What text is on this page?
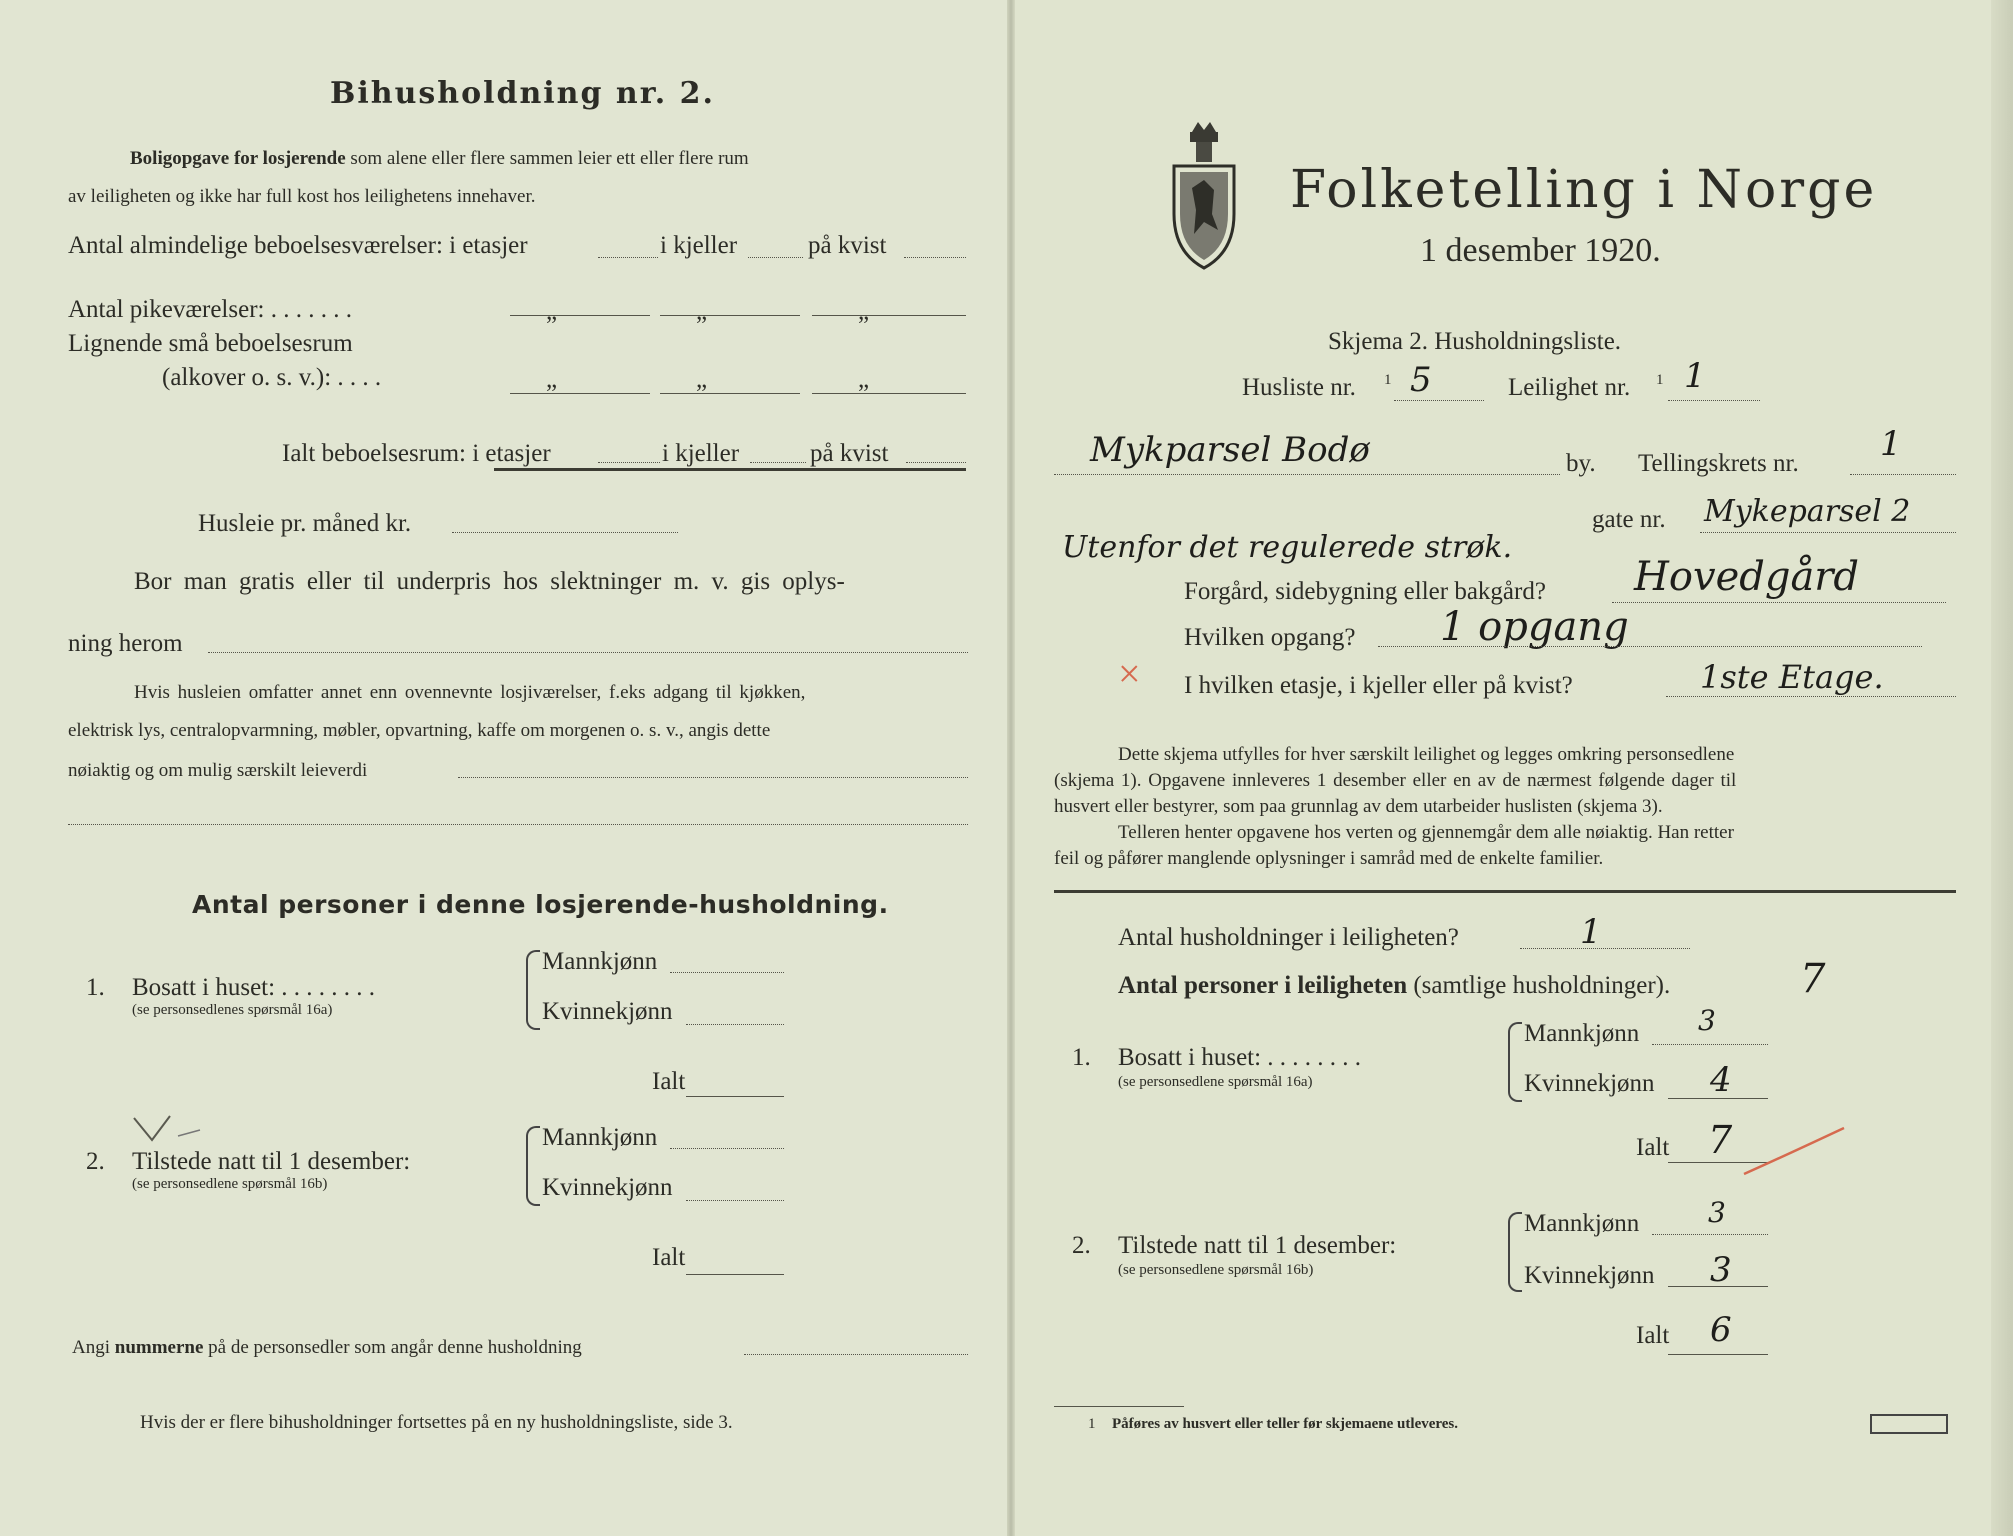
Bihusholdning nr. 2.
Boligopgave for losjerende som alene eller flere sammen leier ett eller flere rum
av leiligheten og ikke har full kost hos leilighetens innehaver.
Antal almindelige beboelsesværelser: i etasjer	i kjeller	på kvist
Antal pikeværelser: . . . . . . .	„	„	„
Lignende små beboelsesrum
(alkover o. s. v.): . . . .	„	„	„
Ialt beboelsesrum: i etasjer	i kjeller	på kvist
Husleie pr. måned kr.
Bor man gratis eller til underpris hos slektninger m. v. gis oplys-
ning herom
Hvis husleien omfatter annet enn ovennevnte losjiværelser, f.eks adgang til kjøkken,
elektrisk lys, centralopvarmning, møbler, opvartning, kaffe om morgenen o. s. v., angis dette
nøiaktig og om mulig særskilt leieverdi
Antal personer i denne losjerende-husholdning.
1. Bosatt i huset: . . . . . . . .
(se personsedlenes spørsmål 16a)
Mannkjønn
Kvinnekjønn
Ialt
2. Tilstede natt til 1 desember:
(se personsedlene spørsmål 16b)
Mannkjønn
Kvinnekjønn
Ialt
Angi nummerne på de personsedler som angår denne husholdning
Hvis der er flere bihusholdninger fortsettes på en ny husholdningsliste, side 3.
Folketelling i Norge
1 desember 1920.
Skjema 2. Husholdningsliste.
Husliste nr. 1 5	Leilighet nr. 1 1
Mykparsel Bodø	by. Tellingskrets nr. 1
Utenfor det regulerede strøk.
gate nr. Mykeparsel 2
Forgård, sidebygning eller bakgård? Hovedgård
Hvilken opgang? 1 opgang
× I hvilken etasje, i kjeller eller på kvist?	1ste Etage.
Dette skjema utfylles for hver særskilt leilighet og legges omkring personsedlene
(skjema 1). Opgavene innleveres 1 desember eller en av de nærmest følgende dager til
husvert eller bestyrer, som paa grunnlag av dem utarbeider huslisten (skjema 3).
Telleren henter opgavene hos verten og gjennemgår dem alle nøiaktig. Han retter
feil og påfører manglende oplysninger i samråd med de enkelte familier.
Antal husholdninger i leiligheten?	1
Antal personer i leiligheten (samtlige husholdninger).	7
1. Bosatt i huset: . . . . . . . .
(se personsedlene spørsmål 16a)
Mannkjønn 3
Kvinnekjønn 4
Ialt 7
2. Tilstede natt til 1 desember:
(se personsedlene spørsmål 16b)
Mannkjønn 3
Kvinnekjønn 3
Ialt 6
1 Påføres av husvert eller teller før skjemaene utleveres.
